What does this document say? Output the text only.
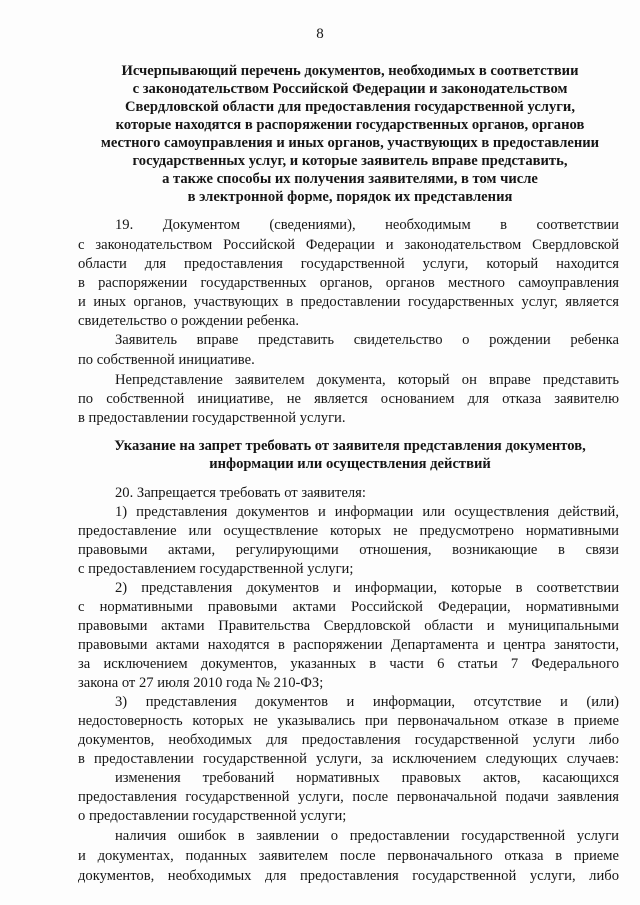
8
Исчерпывающий перечень документов, необходимых в соответствии
с законодательством Российской Федерации и законодательством
Свердловской области для предоставления государственной услуги,
которые находятся в распоряжении государственных органов, органов
местного самоуправления и иных органов, участвующих в предоставлении
государственных услуг, и которые заявитель вправе представить,
а также способы их получения заявителями, в том числе
в электронной форме, порядок их представления
19. Документом (сведениями), необходимым в соответствии
с законодательством Российской Федерации и законодательством Свердловской
области для предоставления государственной услуги, который находится
в распоряжении государственных органов, органов местного самоуправления
и иных органов, участвующих в предоставлении государственных услуг, является
свидетельство о рождении ребенка.
Заявитель вправе представить свидетельство о рождении ребенка
по собственной инициативе.
Непредставление заявителем документа, который он вправе представить
по собственной инициативе, не является основанием для отказа заявителю
в предоставлении государственной услуги.
Указание на запрет требовать от заявителя представления документов,
информации или осуществления действий
20. Запрещается требовать от заявителя:
1) представления документов и информации или осуществления действий,
предоставление или осуществление которых не предусмотрено нормативными
правовыми актами, регулирующими отношения, возникающие в связи
с предоставлением государственной услуги;
2) представления документов и информации, которые в соответствии
с нормативными правовыми актами Российской Федерации, нормативными
правовыми актами Правительства Свердловской области и муниципальными
правовыми актами находятся в распоряжении Департамента и центра занятости,
за исключением документов, указанных в части 6 статьи 7 Федерального
закона от 27 июля 2010 года № 210-ФЗ;
3) представления документов и информации, отсутствие и (или)
недостоверность которых не указывались при первоначальном отказе в приеме
документов, необходимых для предоставления государственной услуги либо
в предоставлении государственной услуги, за исключением следующих случаев:
изменения требований нормативных правовых актов, касающихся
предоставления государственной услуги, после первоначальной подачи заявления
о предоставлении государственной услуги;
наличия ошибок в заявлении о предоставлении государственной услуги
и документах, поданных заявителем после первоначального отказа в приеме
документов, необходимых для предоставления государственной услуги, либо
